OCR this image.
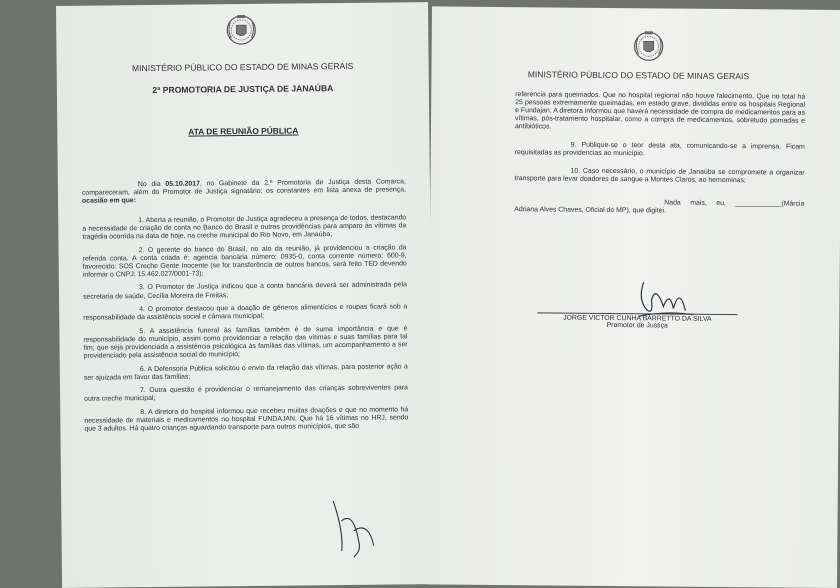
MINISTÉRIO PÚBLICO DO ESTADO DE MINAS GERAIS
2ª PROMOTORIA DE JUSTIÇA DE JANAÚBA
ATA DE REUNIÃO PÚBLICA

No dia 05.10.2017, no Gabinete da 2.ª Promotoria de Justiça desta Comarca, compareceram, além do Promotor de Justiça signatário: os constantes em lista anexa de presença, ocasião em que:

1. Aberta a reunião, o Promotor de Justiça agradeceu a presença de todos, destacando a necessidade de criação de conta no Banco do Brasil e outras providências para amparo às vítimas da tragédia ocorrida na data de hoje, na creche municipal do Rio Novo, em Janaúba;

2. O gerente do banco do Brasil, no ato da reunião, já providenciou a criação da referida conta. A conta criada é: agencia bancária número: 0935-0, conta corrente número: 600-9, favorecido: SOS Creche Gente Inocente (se for transferência de outros bancos, será feito TED devendo informar o CNPJ: 15.462.027/0001-73);

3. O Promotor de Justiça indicou que a conta bancária deverá ser administrada pela secretaria de saúde, Cecília Moreira de Freitas;

4. O promotor destacou que a doação de gêneros alimentícios e roupas ficará sob a responsabilidade da assistência social e câmara municipal;

5. A assistência funeral às famílias também é de suma importância e que é responsabilidade do município, assim como providenciar a relação das vítimas e suas famílias para tal fim; que seja providenciada a assistência psicológica às famílias das vítimas, um acompanhamento a ser providenciado pela assistência social do município;

6. A Defensoria Pública solicitou o envio da relação das vítimas, para posterior ação a ser ajuizada em favor das famílias;

7. Outra questão é providenciar o remanejamento das crianças sobreviventes para outra creche municipal;

8. A diretora do hospital informou que recebeu muitas doações e que no momento há necessidade de materiais e medicamentos no hospital FUNDAJAN. Que há 16 vítimas no HRJ, sendo que 3 adultos. Há quatro crianças aguardando transporte para outros municípios, que são

MINISTÉRIO PÚBLICO DO ESTADO DE MINAS GERAIS

referencia para queimados. Que no hospital regional não houve falecimento. Que no total há 25 pessoas extremamente queimadas, em estado grave, divididas entre os hospitais Regional e Fundajan. A diretora informou que haverá necessidade de compra de medicamentos para as vítimas, pós-tratamento hospitalar, como a compra de medicamentos, sobretudo pomadas e antibióticos.

9. Publique-se o teor desta ata, comunicando-se a imprensa. Ficam requisitadas as providencias ao município.

10. Caso necessário, o município de Janaúba se compromete a organizar transporte para levar doadores de sangue a Montes Claros, ao hemominas;

Nada mais, eu, ____________(Márcia Adriana Alves Chaves, Oficial do MP), que digitei.

JORGE VICTOR CUNHA BARRETTO DA SILVA
Promotor de Justiça
